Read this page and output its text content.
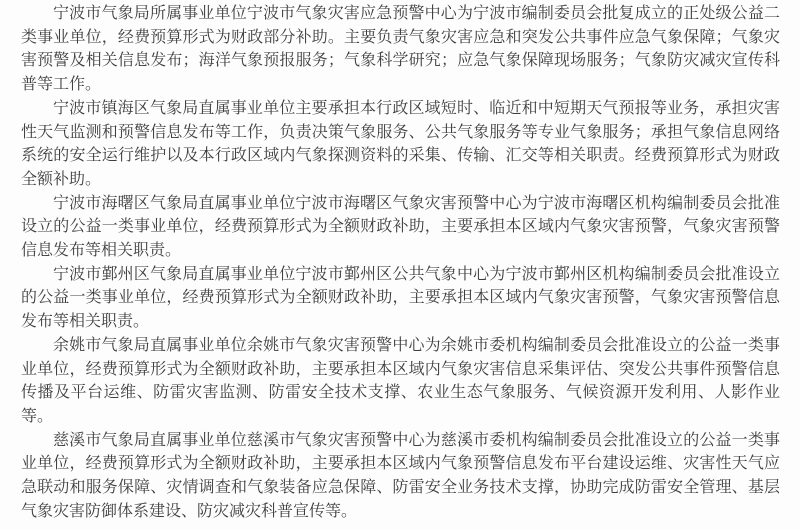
宁波市气象局所属事业单位宁波市气象灾害应急预警中心为宁波市编制委员会批复成立的正处级公益二类事业单位，经费预算形式为财政部分补助。主要负责气象灾害应急和突发公共事件应急气象保障；气象灾害预警及相关信息发布；海洋气象预报服务；气象科学研究；应急气象保障现场服务；气象防灾减灾宣传科普等工作。

宁波市镇海区气象局直属事业单位主要承担本行政区域短时、临近和中短期天气预报等业务，承担灾害性天气监测和预警信息发布等工作，负责决策气象服务、公共气象服务等专业气象服务；承担气象信息网络系统的安全运行维护以及本行政区域内气象探测资料的采集、传输、汇交等相关职责。经费预算形式为财政全额补助。

宁波市海曙区气象局直属事业单位宁波市海曙区气象灾害预警中心为宁波市海曙区机构编制委员会批准设立的公益一类事业单位，经费预算形式为全额财政补助，主要承担本区域内气象灾害预警，气象灾害预警信息发布等相关职责。

宁波市鄞州区气象局直属事业单位宁波市鄞州区公共气象中心为宁波市鄞州区机构编制委员会批准设立的公益一类事业单位，经费预算形式为全额财政补助，主要承担本区域内气象灾害预警，气象灾害预警信息发布等相关职责。

余姚市气象局直属事业单位余姚市气象灾害预警中心为余姚市委机构编制委员会批准设立的公益一类事业单位，经费预算形式为全额财政补助，主要承担本区域内气象灾害信息采集评估、突发公共事件预警信息传播及平台运维、防雷灾害监测、防雷安全技术支撑、农业生态气象服务、气候资源开发利用、人影作业等。

慈溪市气象局直属事业单位慈溪市气象灾害预警中心为慈溪市委机构编制委员会批准设立的公益一类事业单位，经费预算形式为全额财政补助，主要承担本区域内气象预警信息发布平台建设运维、灾害性天气应急联动和服务保障、灾情调查和气象装备应急保障、防雷安全业务技术支撑，协助完成防雷安全管理、基层气象灾害防御体系建设、防灾减灾科普宣传等。
